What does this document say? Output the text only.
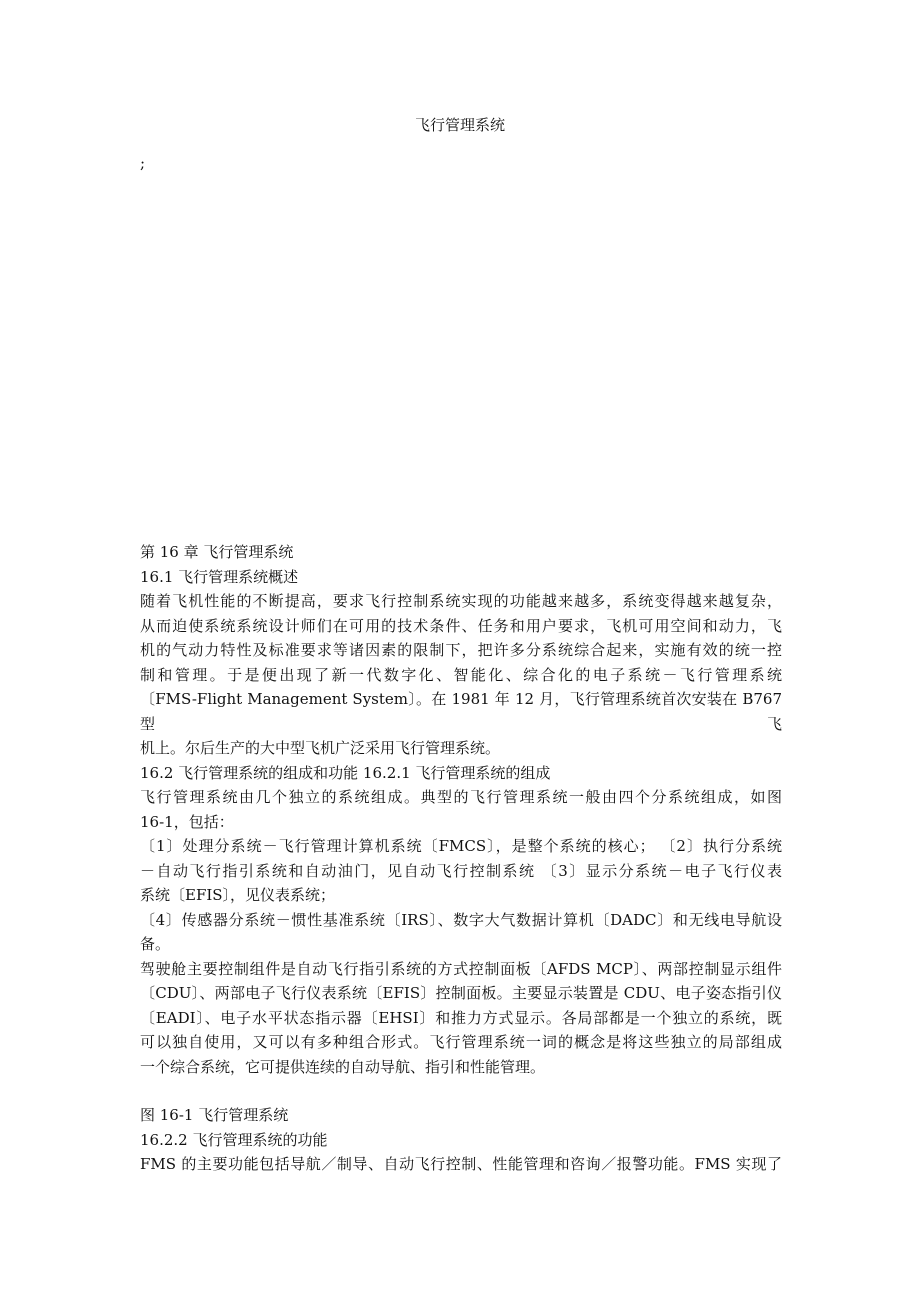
飞行管理系统
;

第 16 章 飞行管理系统

16.1 飞行管理系统概述

随着飞机性能的不断提高，要求飞行控制系统实现的功能越来越多，系统变得越来越复杂，

从而迫使系统系统设计师们在可用的技术条件、任务和用户要求，飞机可用空间和动力，飞

机的气动力特性及标准要求等诸因素的限制下，把许多分系统综合起来，实施有效的统一控

制和管理。于是便出现了新一代数字化、智能化、综合化的电子系统－飞行管理系统

〔FMS-Flight Management System〕。在 1981 年 12 月，飞行管理系统首次安装在 B767 型飞

机上。尔后生产的大中型飞机广泛采用飞行管理系统。

16.2 飞行管理系统的组成和功能 16.2.1 飞行管理系统的组成

飞行管理系统由几个独立的系统组成。典型的飞行管理系统一般由四个分系统组成，如图

16-1，包括：

〔1〕处理分系统－飞行管理计算机系统〔FMCS〕，是整个系统的核心； 〔2〕执行分系统

－自动飞行指引系统和自动油门，见自动飞行控制系统 〔3〕显示分系统－电子飞行仪表

系统〔EFIS〕，见仪表系统；

〔4〕传感器分系统－惯性基准系统〔IRS〕、数字大气数据计算机〔DADC〕和无线电导航设

备。

驾驶舱主要控制组件是自动飞行指引系统的方式控制面板〔AFDS MCP〕、两部控制显示组件

〔CDU〕、两部电子飞行仪表系统〔EFIS〕控制面板。主要显示装置是 CDU、电子姿态指引仪

〔EADI〕、电子水平状态指示器〔EHSI〕和推力方式显示。各局部都是一个独立的系统，既

可以独自使用，又可以有多种组合形式。飞行管理系统一词的概念是将这些独立的局部组成

一个综合系统，它可提供连续的自动导航、指引和性能管理。

图 16-1 飞行管理系统

16.2.2 飞行管理系统的功能

FMS 的主要功能包括导航／制导、自动飞行控制、性能管理和咨询／报警功能。FMS 实现了
